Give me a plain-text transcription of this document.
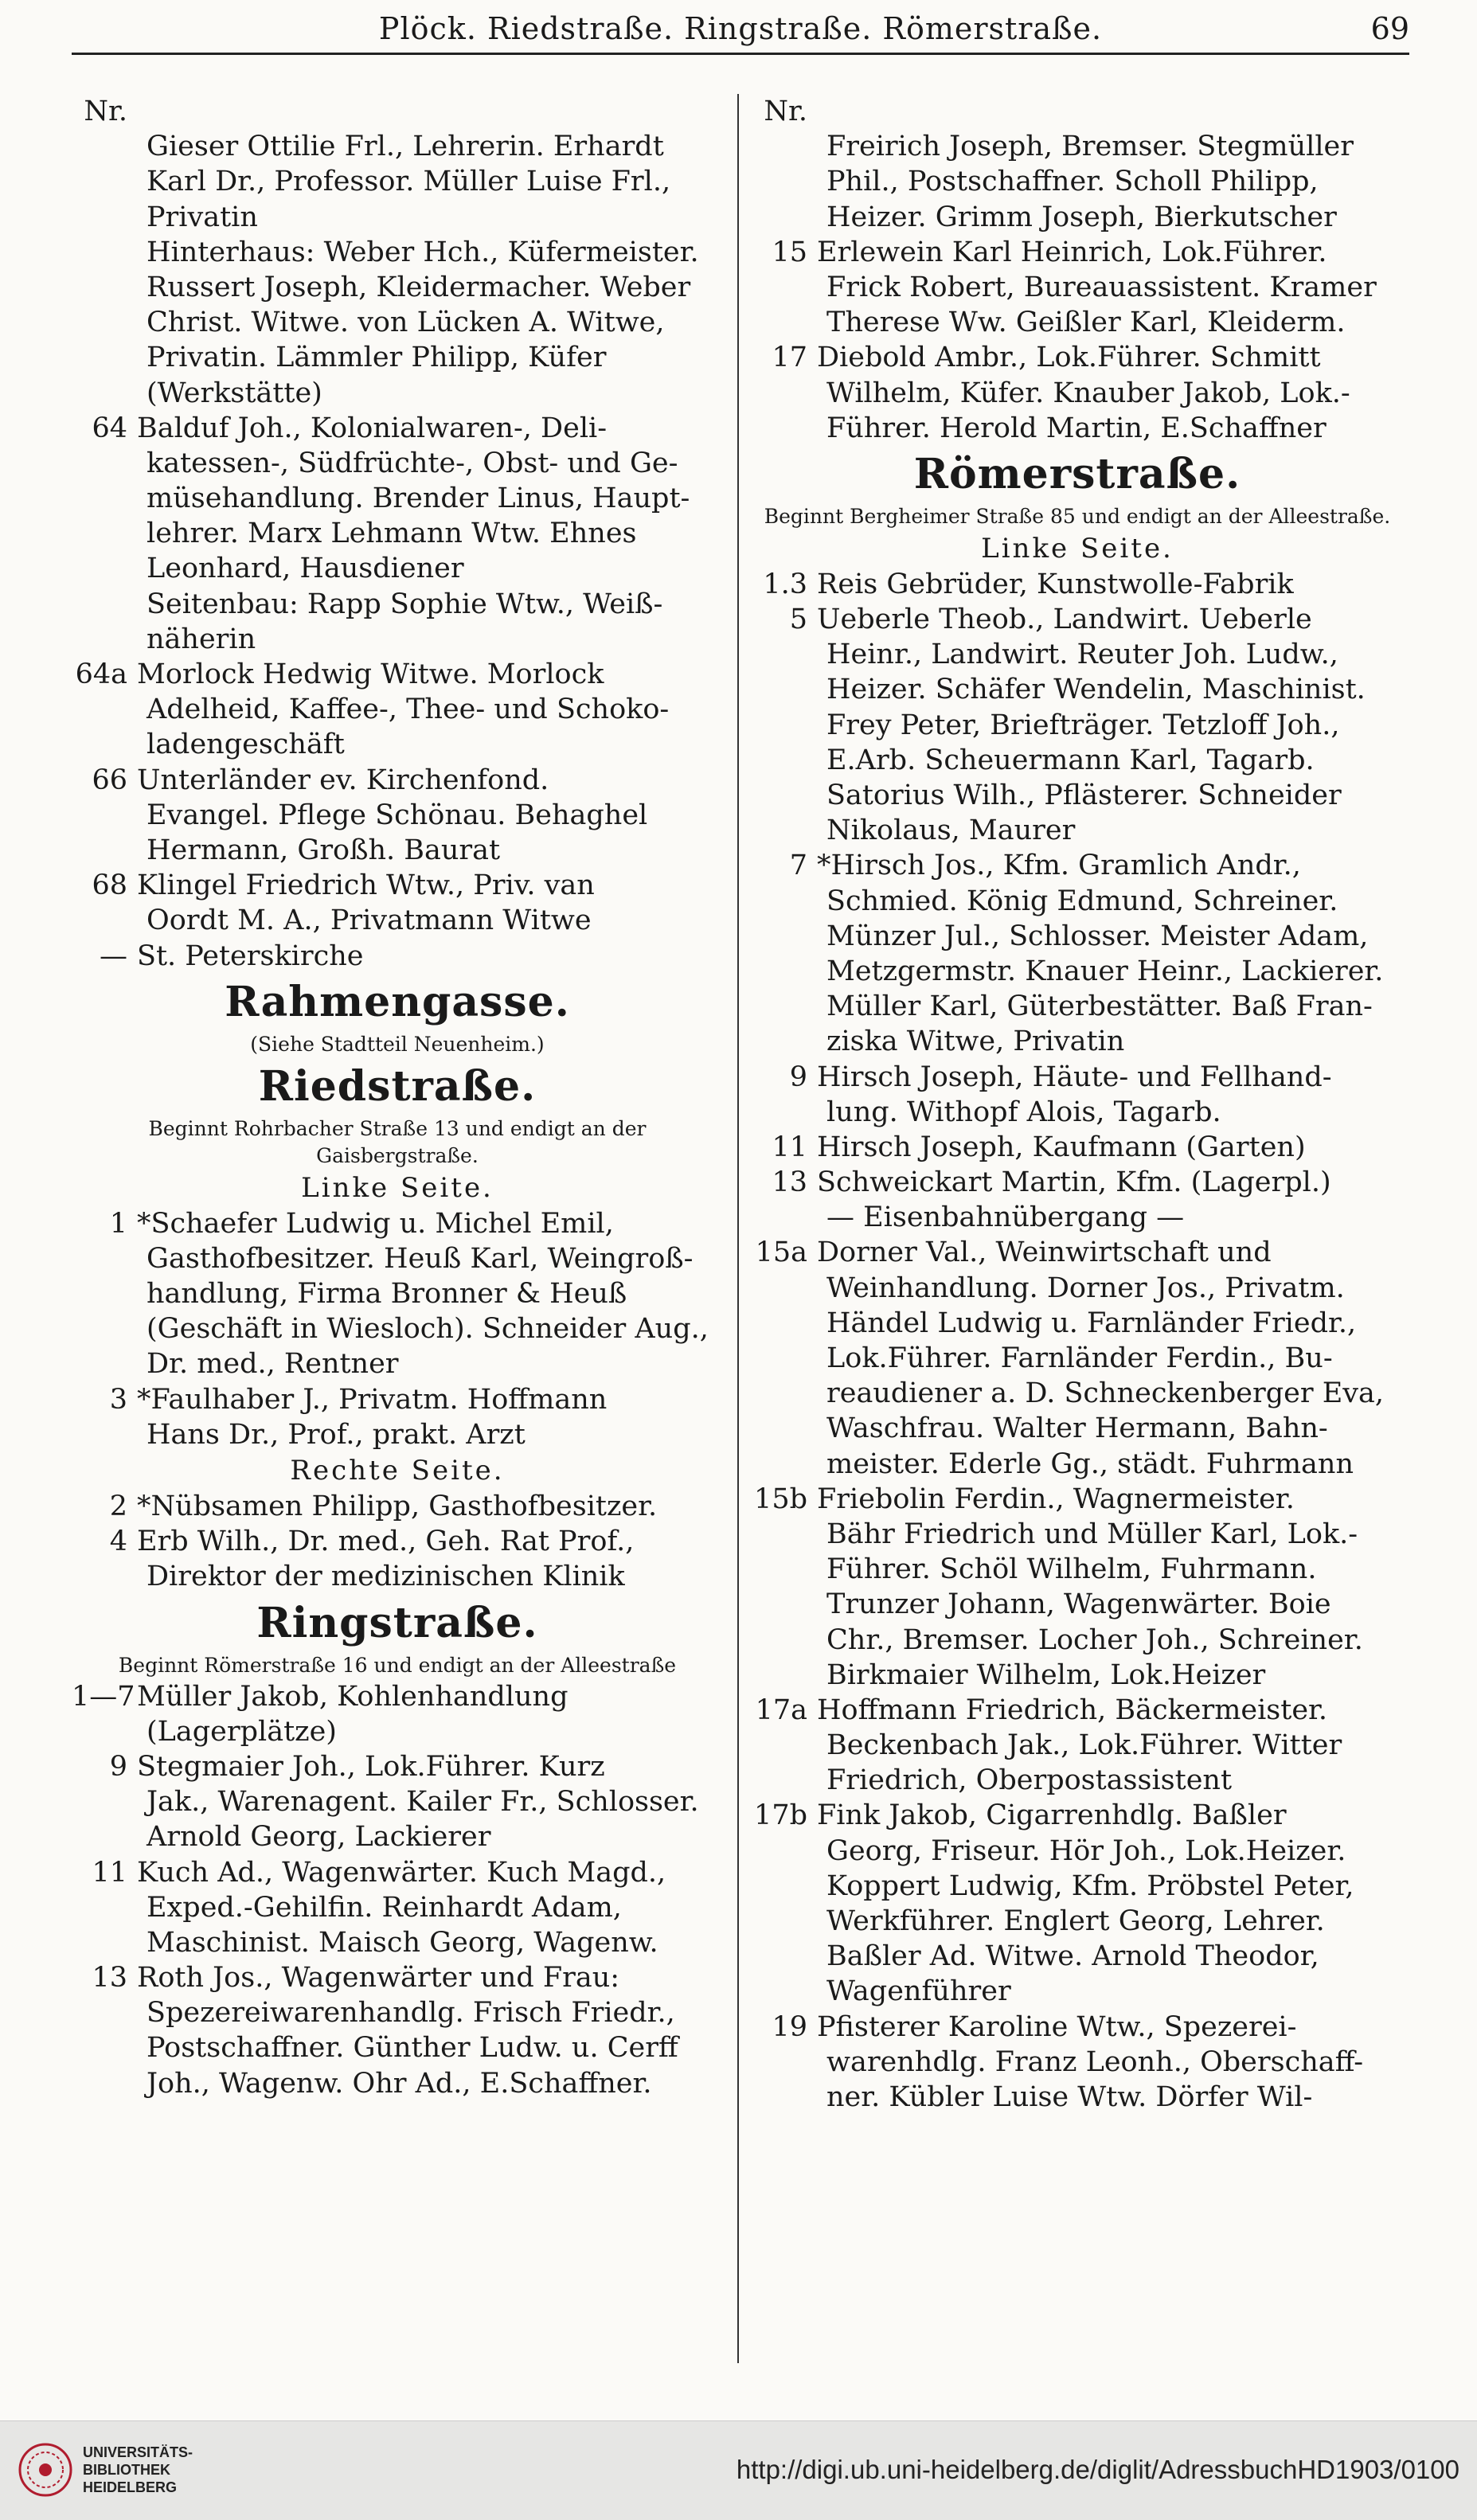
Plöck. Riedstraße. Ringstraße. Römerstraße.	69
Nr.
Gieser Ottilie Frl., Lehrerin. Erhardt
Karl Dr., Professor. Müller Luise Frl.,
Privatin
Hinterhaus: Weber Hch., Küfermeister.
Russert Joseph, Kleidermacher. Weber
Christ. Witwe. von Lücken A. Witwe,
Privatin. Lämmler Philipp, Küfer
(Werkstätte)
64 Balduf Joh., Kolonialwaren-, Deli-
katessen-, Südfrüchte-, Obst- und Ge-
müsehandlung. Brender Linus, Haupt-
lehrer. Marx Lehmann Wtw. Ehnes
Leonhard, Hausdiener
Seitenbau: Rapp Sophie Wtw., Weiß-
näherin
64a Morlock Hedwig Witwe. Morlock
Adelheid, Kaffee-, Thee- und Schoko-
ladengeschäft
66 Unterländer ev. Kirchenfond.
Evangel. Pflege Schönau. Behaghel
Hermann, Großh. Baurat
68 Klingel Friedrich Wtw., Priv. van
Oordt M. A., Privatmann Witwe
— St. Peterskirche
Rahmengasse.
(Siehe Stadtteil Neuenheim.)
Riedstraße.
Beginnt Rohrbacher Straße 13 und endigt an der Gaisbergstraße.
Linke Seite.
1 *Schaefer Ludwig u. Michel Emil,
Gasthofbesitzer. Heuß Karl, Weingroß-
handlung, Firma Bronner & Heuß
(Geschäft in Wiesloch). Schneider Aug.,
Dr. med., Rentner
3 *Faulhaber J., Privatm. Hoffmann
Hans Dr., Prof., prakt. Arzt
Rechte Seite.
2 *Nübsamen Philipp, Gasthofbesitzer.
4 Erb Wilh., Dr. med., Geh. Rat Prof.,
Direktor der medizinischen Klinik
Ringstraße.
Beginnt Römerstraße 16 und endigt an der Alleestraße
1—7 Müller Jakob, Kohlenhandlung
(Lagerplätze)
9 Stegmaier Joh., Lok.Führer. Kurz
Jak., Warenagent. Kailer Fr., Schlosser.
Arnold Georg, Lackierer
11 Kuch Ad., Wagenwärter. Kuch Magd.,
Exped.-Gehilfin. Reinhardt Adam,
Maschinist. Maisch Georg, Wagenw.
13 Roth Jos., Wagenwärter und Frau:
Spezereiwarenhandlg. Frisch Friedr.,
Postschaffner. Günther Ludw. u. Cerff
Joh., Wagenw. Ohr Ad., E.Schaffner.
Nr.
Freirich Joseph, Bremser. Stegmüller
Phil., Postschaffner. Scholl Philipp,
Heizer. Grimm Joseph, Bierkutscher
15 Erlewein Karl Heinrich, Lok.Führer.
Frick Robert, Bureauassistent. Kramer
Therese Ww. Geißler Karl, Kleiderm.
17 Diebold Ambr., Lok.Führer. Schmitt
Wilhelm, Küfer. Knauber Jakob, Lok.-
Führer. Herold Martin, E.Schaffner
Römerstraße.
Beginnt Bergheimer Straße 85 und endigt an der Alleestraße.
Linke Seite.
1.3 Reis Gebrüder, Kunstwolle-Fabrik
5 Ueberle Theob., Landwirt. Ueberle
Heinr., Landwirt. Reuter Joh. Ludw.,
Heizer. Schäfer Wendelin, Maschinist.
Frey Peter, Briefträger. Tetzloff Joh.,
E.Arb. Scheuermann Karl, Tagarb.
Satorius Wilh., Pflästerer. Schneider
Nikolaus, Maurer
7 *Hirsch Jos., Kfm. Gramlich Andr.,
Schmied. König Edmund, Schreiner.
Münzer Jul., Schlosser. Meister Adam,
Metzgermstr. Knauer Heinr., Lackierer.
Müller Karl, Güterbestätter. Baß Fran-
ziska Witwe, Privatin
9 Hirsch Joseph, Häute- und Fellhand-
lung. Withopf Alois, Tagarb.
11 Hirsch Joseph, Kaufmann (Garten)
13 Schweickart Martin, Kfm. (Lagerpl.)
— Eisenbahnübergang —
15a Dorner Val., Weinwirtschaft und
Weinhandlung. Dorner Jos., Privatm.
Händel Ludwig u. Farnländer Friedr.,
Lok.Führer. Farnländer Ferdin., Bu-
reaudiener a. D. Schneckenberger Eva,
Waschfrau. Walter Hermann, Bahn-
meister. Ederle Gg., städt. Fuhrmann
15b Friebolin Ferdin., Wagnermeister.
Bähr Friedrich und Müller Karl, Lok.-
Führer. Schöl Wilhelm, Fuhrmann.
Trunzer Johann, Wagenwärter. Boie
Chr., Bremser. Locher Joh., Schreiner.
Birkmaier Wilhelm, Lok.Heizer
17a Hoffmann Friedrich, Bäckermeister.
Beckenbach Jak., Lok.Führer. Witter
Friedrich, Oberpostassistent
17b Fink Jakob, Cigarrenhdlg. Baßler
Georg, Friseur. Hör Joh., Lok.Heizer.
Koppert Ludwig, Kfm. Pröbstel Peter,
Werkführer. Englert Georg, Lehrer.
Baßler Ad. Witwe. Arnold Theodor,
Wagenführer
19 Pfisterer Karoline Wtw., Spezerei-
warenhdlg. Franz Leonh., Oberschaff-
ner. Kübler Luise Wtw. Dörfer Wil-
UNIVERSITÄTS-
BIBLIOTHEK
HEIDELBERG
http://digi.ub.uni-heidelberg.de/diglit/AdressbuchHD1903/0100
